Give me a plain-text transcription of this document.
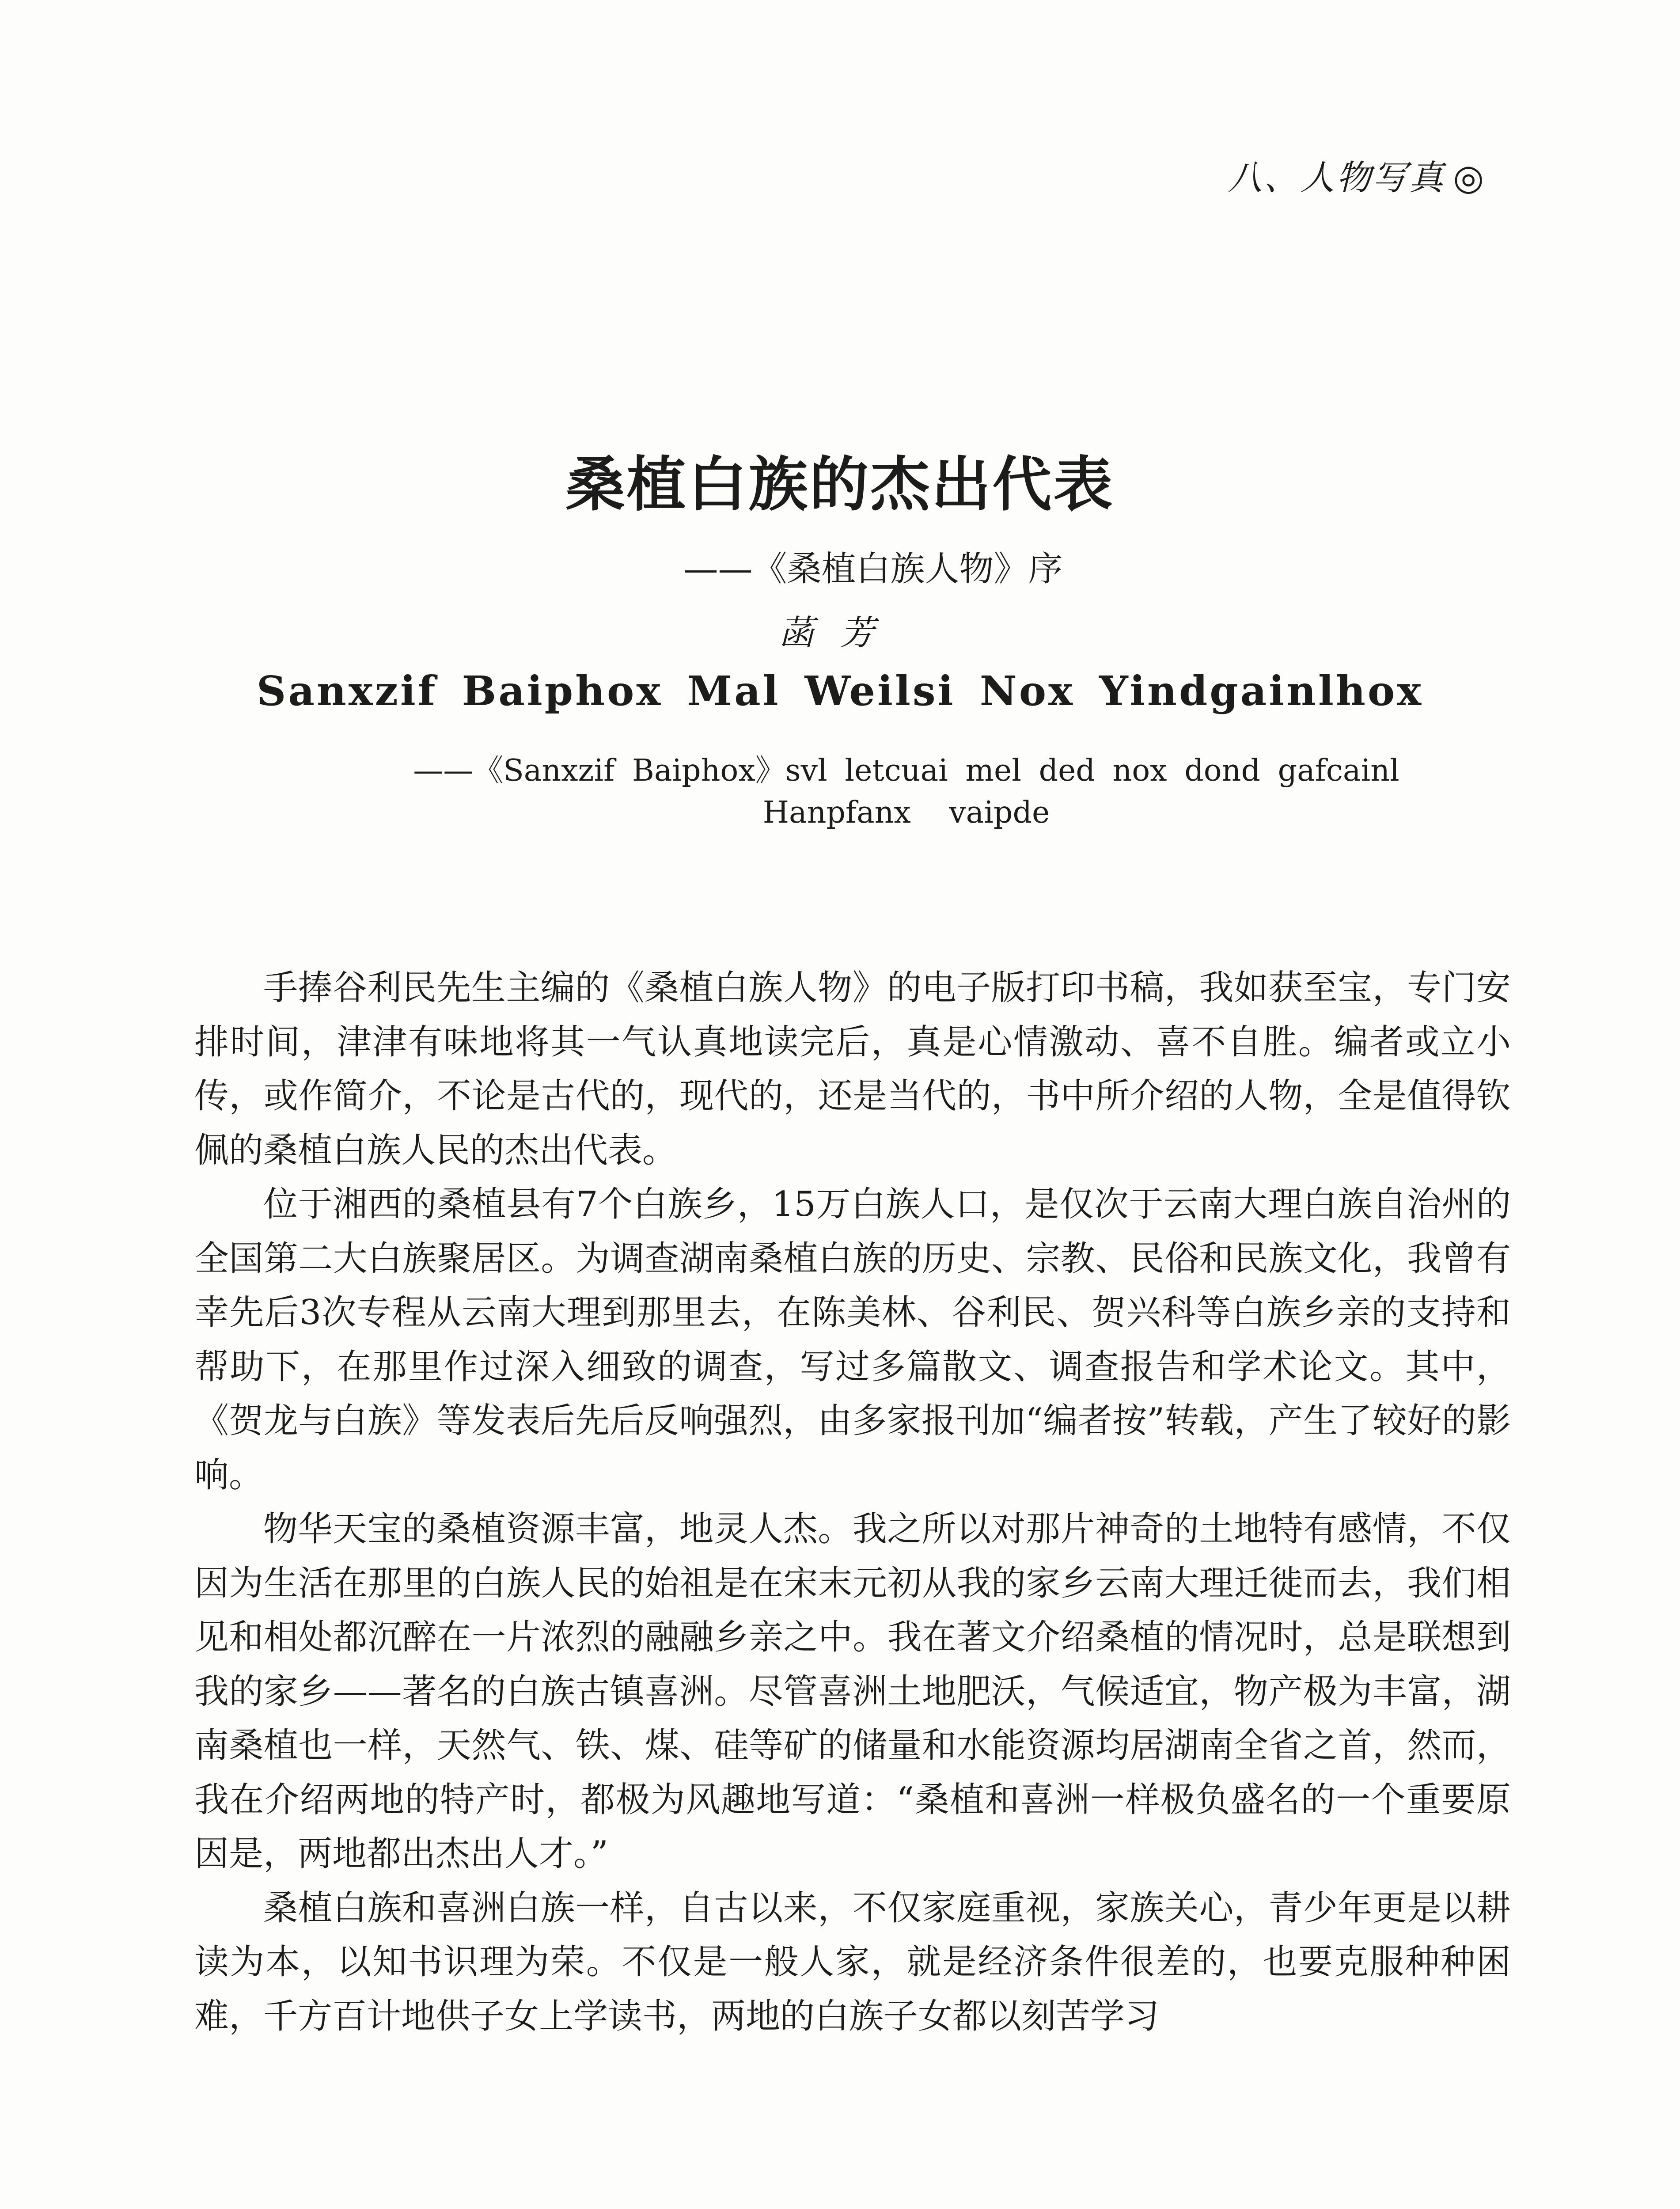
八、人物写真 ◎
桑植白族的杰出代表
——《桑植白族人物》序
菡芳
Sanxzif Baiphox Mal Weilsi Nox Yindgainlhox
——《Sanxzif Baiphox》svl letcuai mel ded nox dond gafcainl
Hanpfanx    vaipde

手捧谷利民先生主编的《桑植白族人物》的电子版打印书稿，我如获至宝，专门安排时间，津津有味地将其一气认真地读完后，真是心情激动、喜不自胜。编者或立小传，或作简介，不论是古代的，现代的，还是当代的，书中所介绍的人物，全是值得钦佩的桑植白族人民的杰出代表。

位于湘西的桑植县有7个白族乡，15万白族人口，是仅次于云南大理白族自治州的全国第二大白族聚居区。为调查湖南桑植白族的历史、宗教、民俗和民族文化，我曾有幸先后3次专程从云南大理到那里去，在陈美林、谷利民、贺兴科等白族乡亲的支持和帮助下，在那里作过深入细致的调查，写过多篇散文、调查报告和学术论文。其中，《贺龙与白族》等发表后先后反响强烈，由多家报刊加“编者按”转载，产生了较好的影响。

物华天宝的桑植资源丰富，地灵人杰。我之所以对那片神奇的土地特有感情，不仅因为生活在那里的白族人民的始祖是在宋末元初从我的家乡云南大理迁徙而去，我们相见和相处都沉醉在一片浓烈的融融乡亲之中。我在著文介绍桑植的情况时，总是联想到我的家乡——著名的白族古镇喜洲。尽管喜洲土地肥沃，气候适宜，物产极为丰富，湖南桑植也一样，天然气、铁、煤、硅等矿的储量和水能资源均居湖南全省之首，然而，我在介绍两地的特产时，都极为风趣地写道：“桑植和喜洲一样极负盛名的一个重要原因是，两地都出杰出人才。”

桑植白族和喜洲白族一样，自古以来，不仅家庭重视，家族关心，青少年更是以耕读为本，以知书识理为荣。不仅是一般人家，就是经济条件很差的，也要克服种种困难，千方百计地供子女上学读书，两地的白族子女都以刻苦学习
